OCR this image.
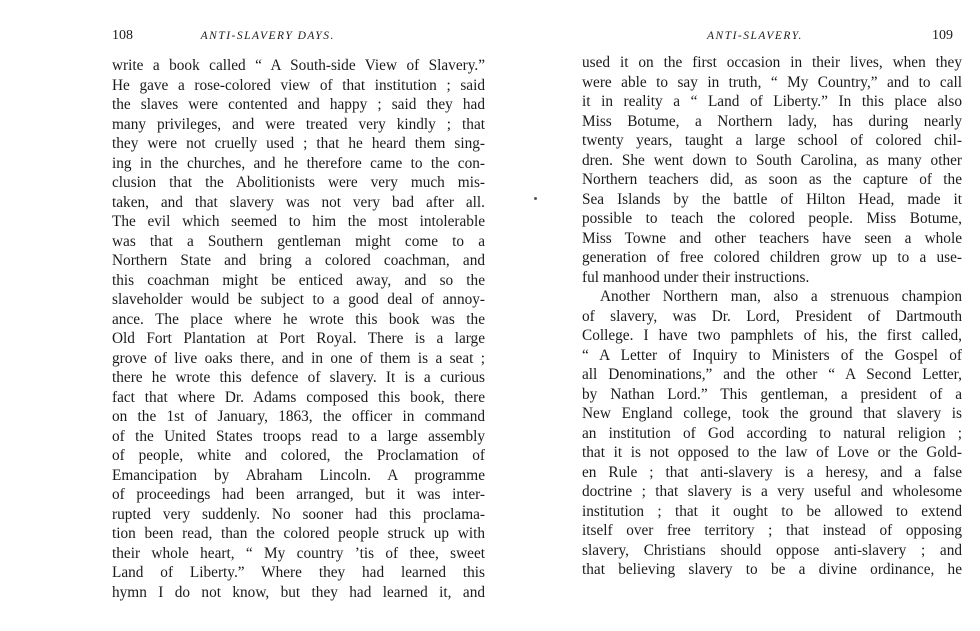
108	ANTI-SLAVERY DAYS.
write a book called “ A South-side View of Slavery.”
He gave a rose-colored view of that institution ; said
the slaves were contented and happy ; said they had
many privileges, and were treated very kindly ; that
they were not cruelly used ; that he heard them sing-
ing in the churches, and he therefore came to the con-
clusion that the Abolitionists were very much mis-
taken, and that slavery was not very bad after all.
The evil which seemed to him the most intolerable
was that a Southern gentleman might come to a
Northern State and bring a colored coachman, and
this coachman might be enticed away, and so the
slaveholder would be subject to a good deal of annoy-
ance. The place where he wrote this book was the
Old Fort Plantation at Port Royal. There is a large
grove of live oaks there, and in one of them is a seat ;
there he wrote this defence of slavery. It is a curious
fact that where Dr. Adams composed this book, there
on the 1st of January, 1863, the officer in command
of the United States troops read to a large assembly
of people, white and colored, the Proclamation of
Emancipation by Abraham Lincoln. A programme
of proceedings had been arranged, but it was inter-
rupted very suddenly. No sooner had this proclama-
tion been read, than the colored people struck up with
their whole heart, “ My country ’tis of thee, sweet
Land of Liberty.” Where they had learned this
hymn I do not know, but they had learned it, and
ANTI-SLAVERY.	109
used it on the first occasion in their lives, when they
were able to say in truth, “ My Country,” and to call
it in reality a “ Land of Liberty.” In this place also
Miss Botume, a Northern lady, has during nearly
twenty years, taught a large school of colored chil-
dren. She went down to South Carolina, as many other
Northern teachers did, as soon as the capture of the
Sea Islands by the battle of Hilton Head, made it
possible to teach the colored people. Miss Botume,
Miss Towne and other teachers have seen a whole
generation of free colored children grow up to a use-
ful manhood under their instructions.
Another Northern man, also a strenuous champion
of slavery, was Dr. Lord, President of Dartmouth
College. I have two pamphlets of his, the first called,
“ A Letter of Inquiry to Ministers of the Gospel of
all Denominations,” and the other “ A Second Letter,
by Nathan Lord.” This gentleman, a president of a
New England college, took the ground that slavery is
an institution of God according to natural religion ;
that it is not opposed to the law of Love or the Gold-
en Rule ; that anti-slavery is a heresy, and a false
doctrine ; that slavery is a very useful and wholesome
institution ; that it ought to be allowed to extend
itself over free territory ; that instead of opposing
slavery, Christians should oppose anti-slavery ; and
that believing slavery to be a divine ordinance, he
